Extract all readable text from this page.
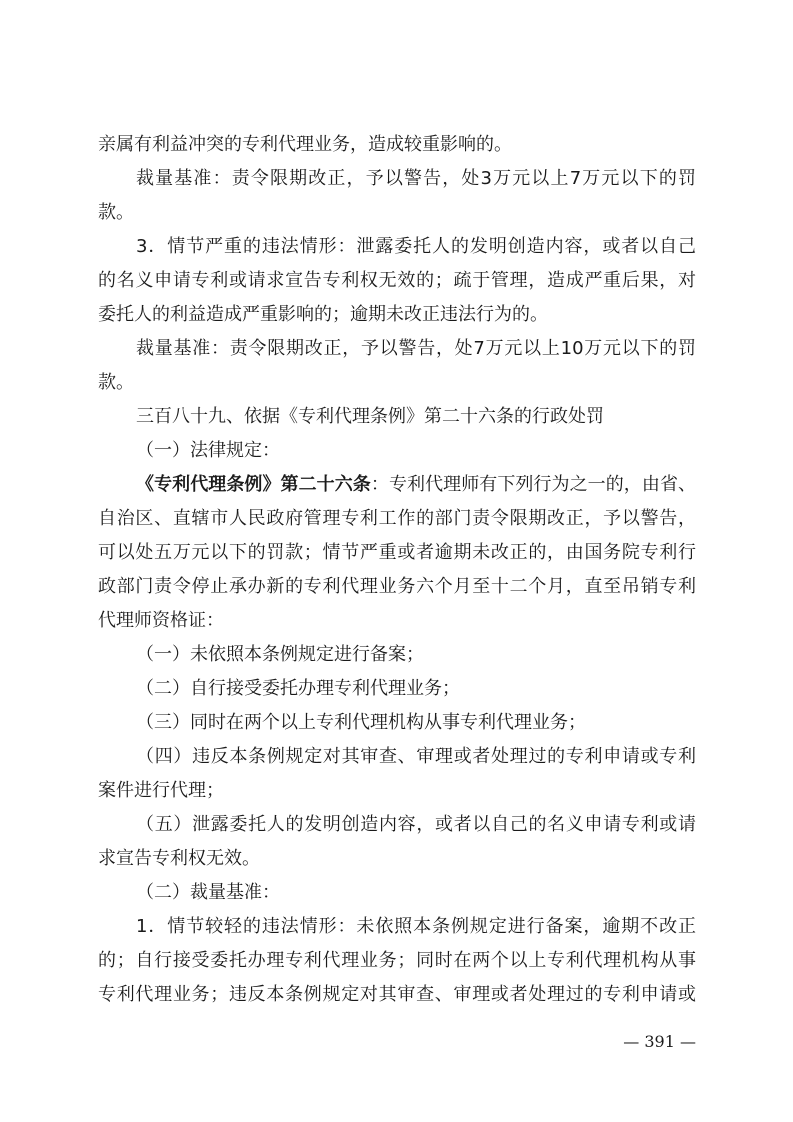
亲属有利益冲突的专利代理业务，造成较重影响的。
裁量基准：责令限期改正，予以警告，处3万元以上7万元以下的罚
款。
3．情节严重的违法情形：泄露委托人的发明创造内容，或者以自己
的名义申请专利或请求宣告专利权无效的；疏于管理，造成严重后果，对
委托人的利益造成严重影响的；逾期未改正违法行为的。
裁量基准：责令限期改正，予以警告，处7万元以上10万元以下的罚
款。
三百八十九、依据《专利代理条例》第二十六条的行政处罚
（一）法律规定：
《专利代理条例》第二十六条：专利代理师有下列行为之一的，由省、
自治区、直辖市人民政府管理专利工作的部门责令限期改正，予以警告，
可以处五万元以下的罚款；情节严重或者逾期未改正的，由国务院专利行
政部门责令停止承办新的专利代理业务六个月至十二个月，直至吊销专利
代理师资格证：
（一）未依照本条例规定进行备案；
（二）自行接受委托办理专利代理业务；
（三）同时在两个以上专利代理机构从事专利代理业务；
（四）违反本条例规定对其审查、审理或者处理过的专利申请或专利
案件进行代理；
（五）泄露委托人的发明创造内容，或者以自己的名义申请专利或请
求宣告专利权无效。
（二）裁量基准：
1．情节较轻的违法情形：未依照本条例规定进行备案，逾期不改正
的；自行接受委托办理专利代理业务；同时在两个以上专利代理机构从事
专利代理业务；违反本条例规定对其审查、审理或者处理过的专利申请或
— 391 —
